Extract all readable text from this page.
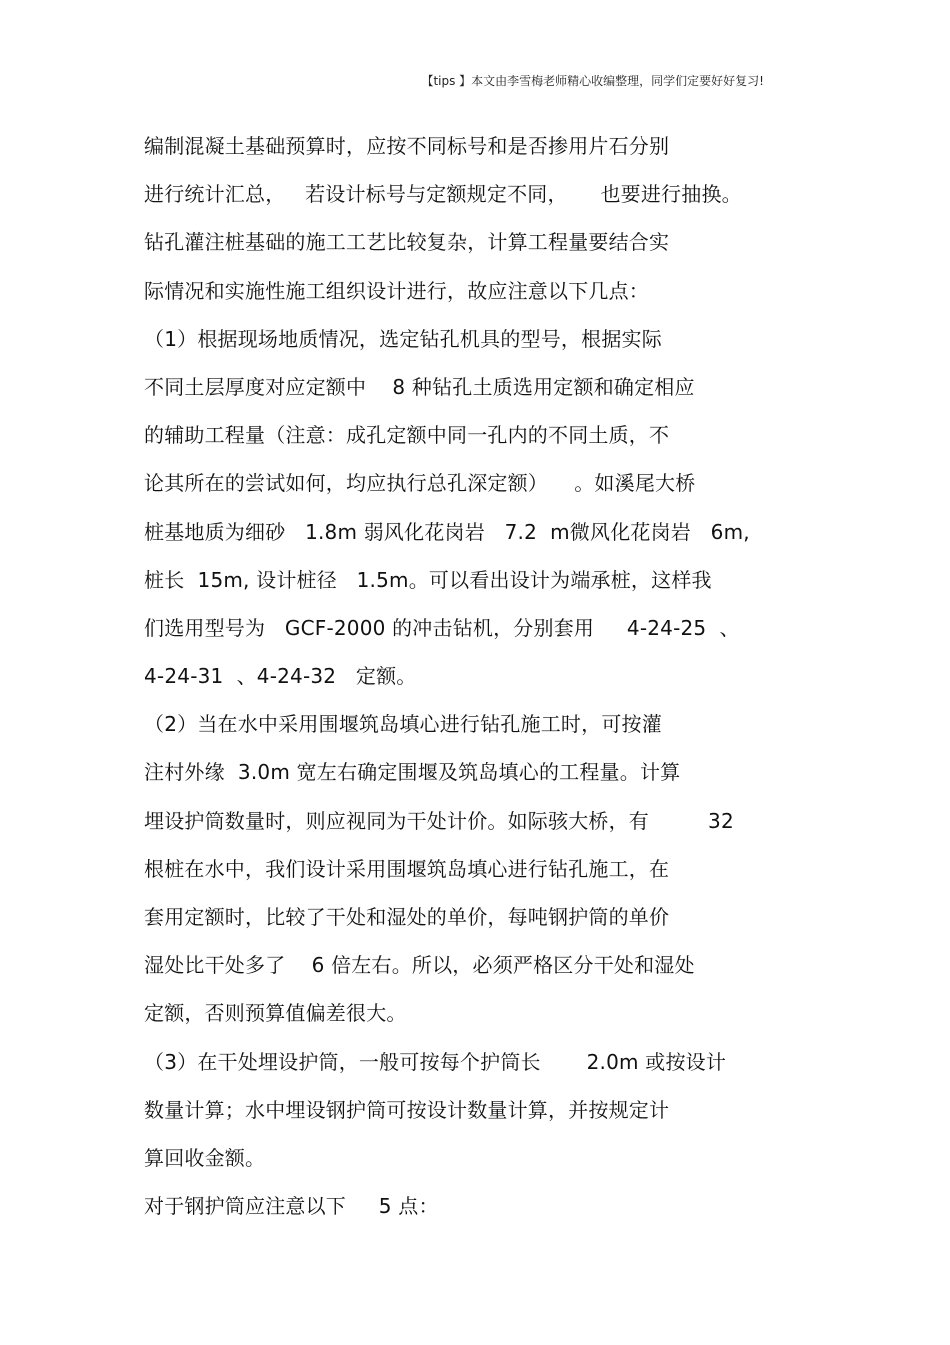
【tips 】本文由李雪梅老师精心收编整理，同学们定要好好复习!
编制混凝土基础预算时，应按不同标号和是否掺用片石分别
进行统计汇总，   若设计标号与定额规定不同，     也要进行抽换。
钻孔灌注桩基础的施工工艺比较复杂，计算工程量要结合实
际情况和实施性施工组织设计进行，故应注意以下几点：
（1）根据现场地质情况，选定钻孔机具的型号，根据实际
不同土层厚度对应定额中    8 种钻孔土质选用定额和确定相应
的辅助工程量（注意：成孔定额中同一孔内的不同土质，不
论其所在的尝试如何，均应执行总孔深定额）    。如溪尾大桥
桩基地质为细砂   1.8m 弱风化花岗岩   7.2  m微风化花岗岩   6m,
桩长  15m, 设计桩径   1.5m。可以看出设计为端承桩，这样我
们选用型号为   GCF-2000 的冲击钻机，分别套用     4-24-25  、
4-24-31  、4-24-32   定额。
（2）当在水中采用围堰筑岛填心进行钻孔施工时，可按灌
注村外缘  3.0m 宽左右确定围堰及筑岛填心的工程量。计算
埋设护筒数量时，则应视同为干处计价。如际骇大桥，有         32
根桩在水中，我们设计采用围堰筑岛填心进行钻孔施工，在
套用定额时，比较了干处和湿处的单价，每吨钢护筒的单价
湿处比干处多了    6 倍左右。所以，必须严格区分干处和湿处
定额，否则预算值偏差很大。
（3）在干处埋设护筒，一般可按每个护筒长       2.0m 或按设计
数量计算；水中埋设钢护筒可按设计数量计算，并按规定计
算回收金额。
对于钢护筒应注意以下     5 点：
